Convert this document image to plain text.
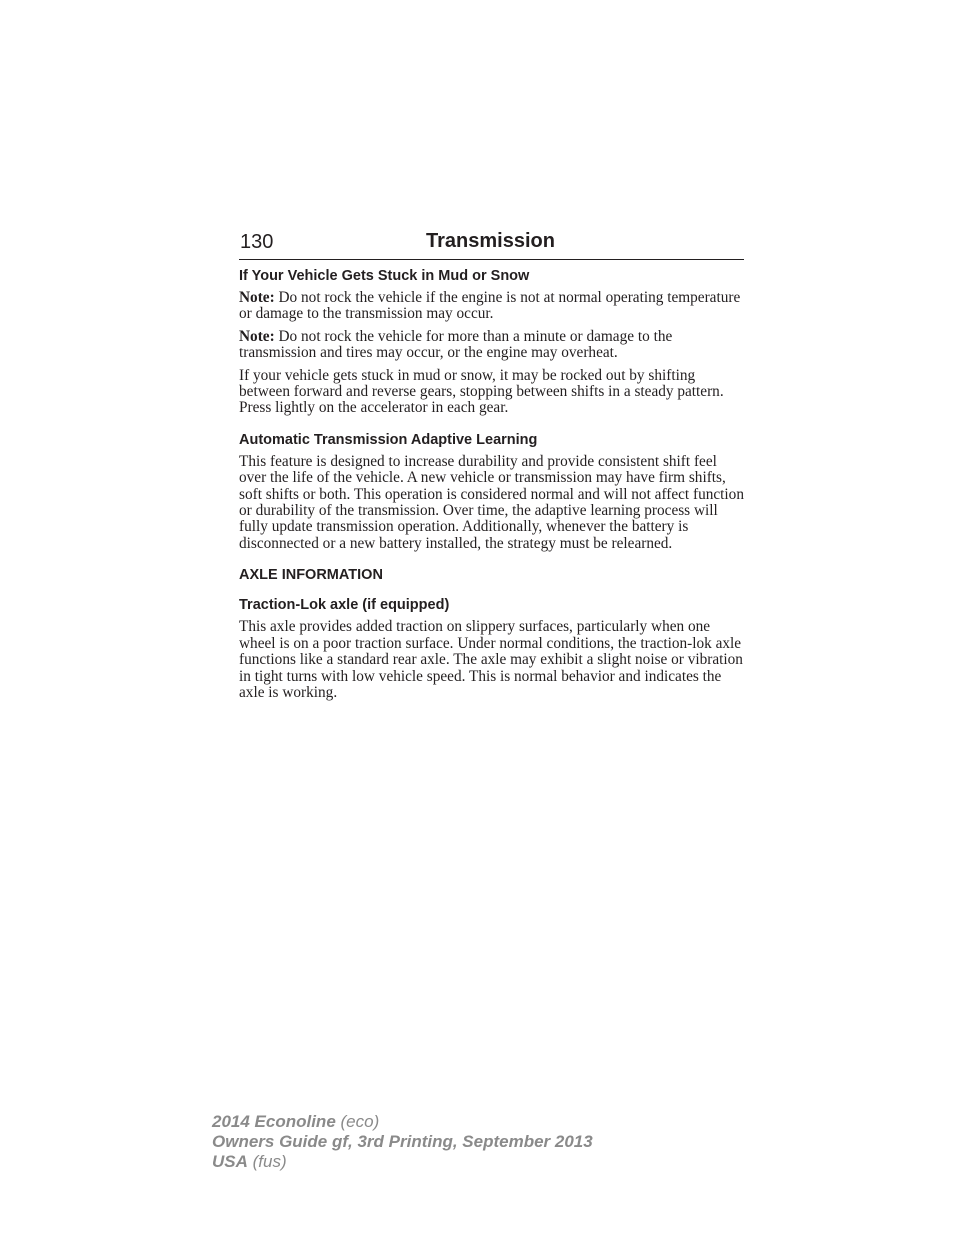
130	Transmission
If Your Vehicle Gets Stuck in Mud or Snow

Note: Do not rock the vehicle if the engine is not at normal operating temperature or damage to the transmission may occur.

Note: Do not rock the vehicle for more than a minute or damage to the transmission and tires may occur, or the engine may overheat.

If your vehicle gets stuck in mud or snow, it may be rocked out by shifting between forward and reverse gears, stopping between shifts in a steady pattern. Press lightly on the accelerator in each gear.

Automatic Transmission Adaptive Learning

This feature is designed to increase durability and provide consistent shift feel over the life of the vehicle. A new vehicle or transmission may have firm shifts, soft shifts or both. This operation is considered normal and will not affect function or durability of the transmission. Over time, the adaptive learning process will fully update transmission operation. Additionally, whenever the battery is disconnected or a new battery installed, the strategy must be relearned.

AXLE INFORMATION
Traction-Lok axle (if equipped)

This axle provides added traction on slippery surfaces, particularly when one wheel is on a poor traction surface. Under normal conditions, the traction-lok axle functions like a standard rear axle. The axle may exhibit a slight noise or vibration in tight turns with low vehicle speed. This is normal behavior and indicates the axle is working.

2014 Econoline (eco)
Owners Guide gf, 3rd Printing, September 2013
USA (fus)
